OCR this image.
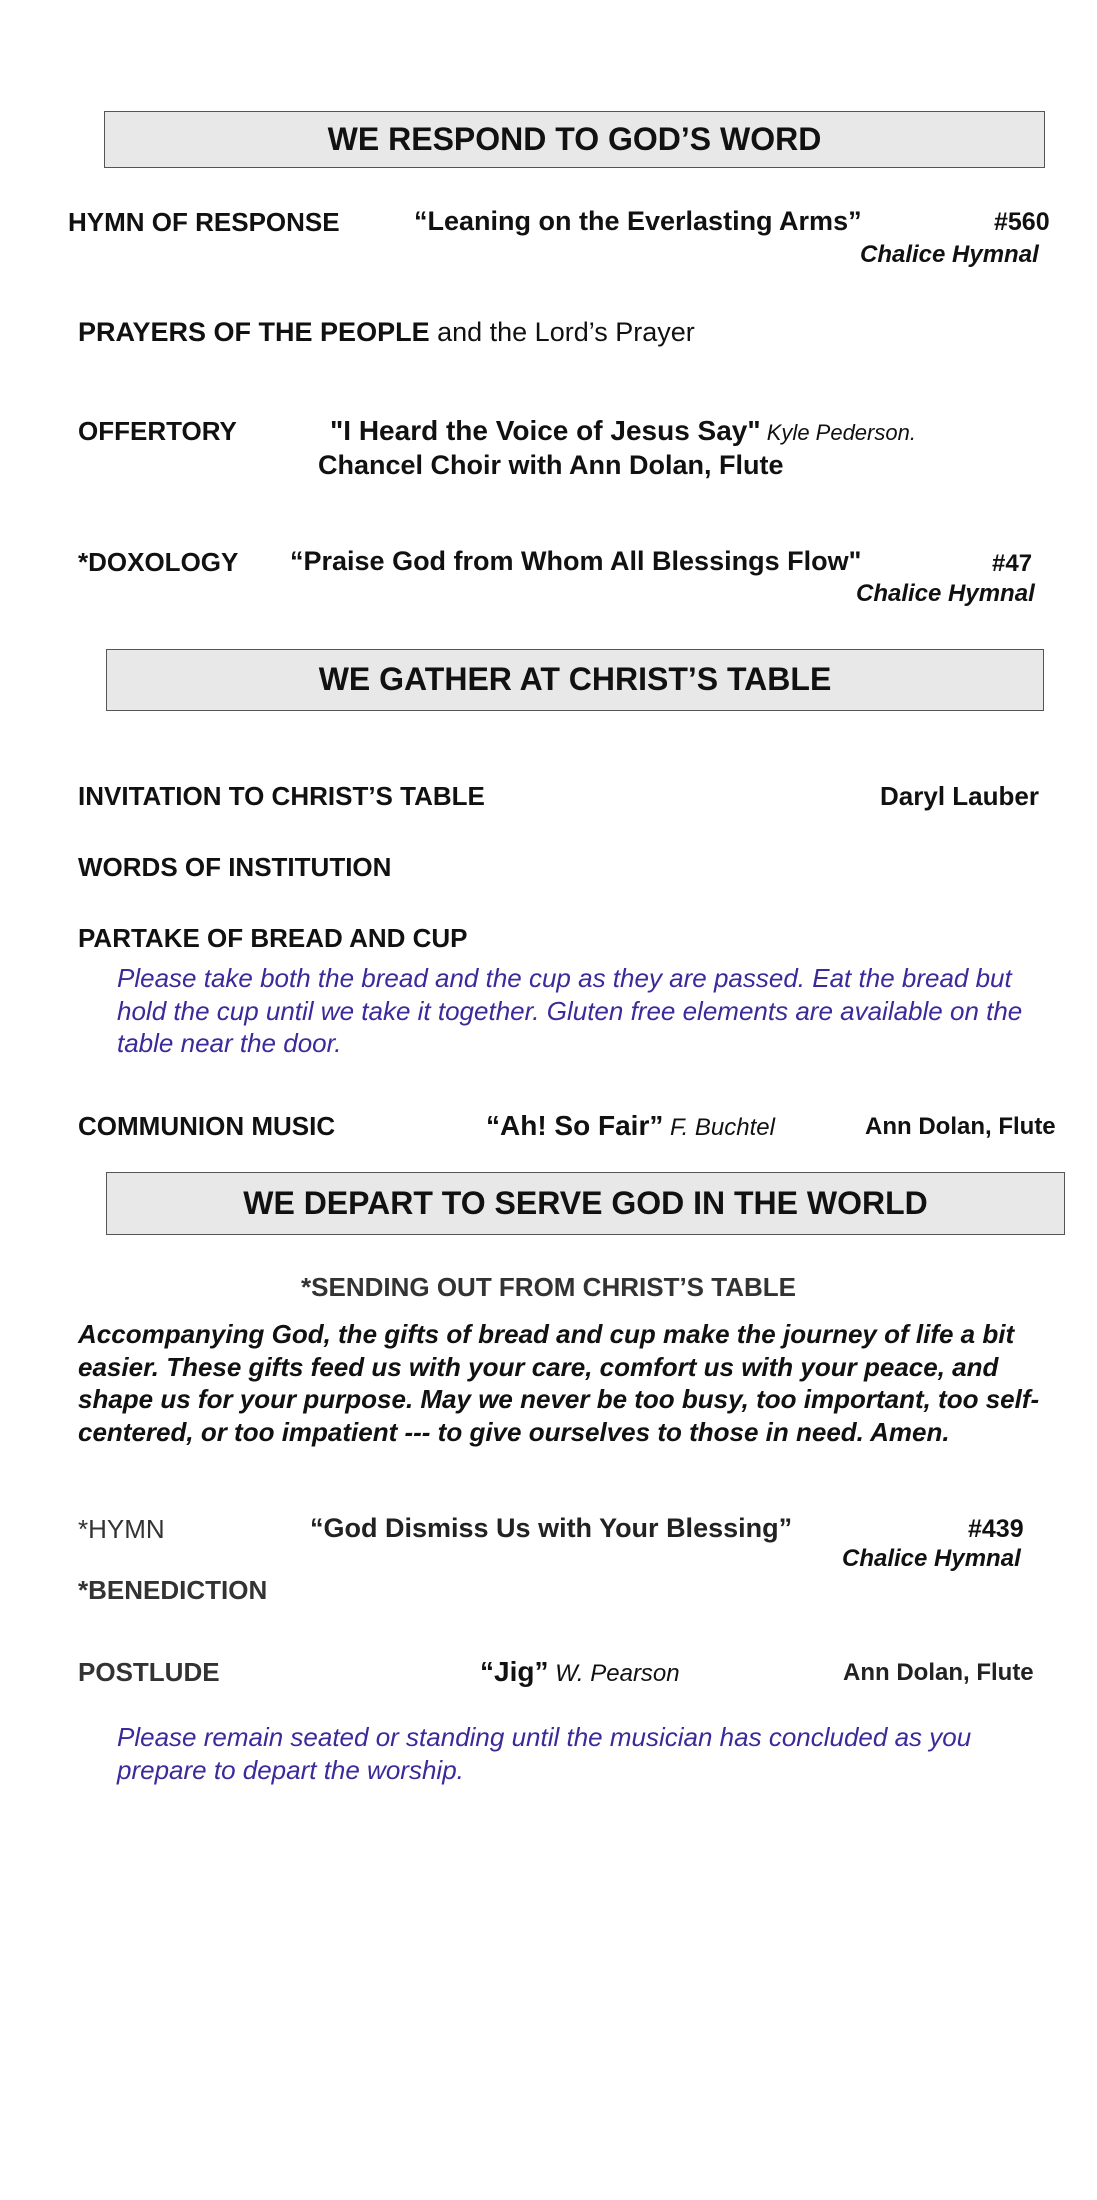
WE RESPOND TO GOD’S WORD
HYMN OF RESPONSE	“Leaning on the Everlasting Arms”	#560
Chalice Hymnal
PRAYERS OF THE PEOPLE and the Lord’s Prayer
OFFERTORY	"I Heard the Voice of Jesus Say" Kyle Pederson.
Chancel Choir with Ann Dolan, Flute
*DOXOLOGY “Praise God from Whom All Blessings Flow"	#47
Chalice Hymnal
WE GATHER AT CHRIST’S TABLE
INVITATION TO CHRIST’S TABLE	Daryl Lauber
WORDS OF INSTITUTION
PARTAKE OF BREAD AND CUP
Please take both the bread and the cup as they are passed. Eat the bread but hold the cup until we take it together. Gluten free elements are available on the table near the door.
COMMUNION MUSIC	“Ah! So Fair” F. Buchtel	Ann Dolan, Flute
WE DEPART TO SERVE GOD IN THE WORLD
*SENDING OUT FROM CHRIST’S TABLE
Accompanying God, the gifts of bread and cup make the journey of life a bit easier. These gifts feed us with your care, comfort us with your peace, and shape us for your purpose. May we never be too busy, too important, too self-centered, or too impatient --- to give ourselves to those in need. Amen.
*HYMN	“God Dismiss Us with Your Blessing”	#439
Chalice Hymnal
*BENEDICTION
POSTLUDE	“Jig” W. Pearson	Ann Dolan, Flute
Please remain seated or standing until the musician has concluded as you prepare to depart the worship.
